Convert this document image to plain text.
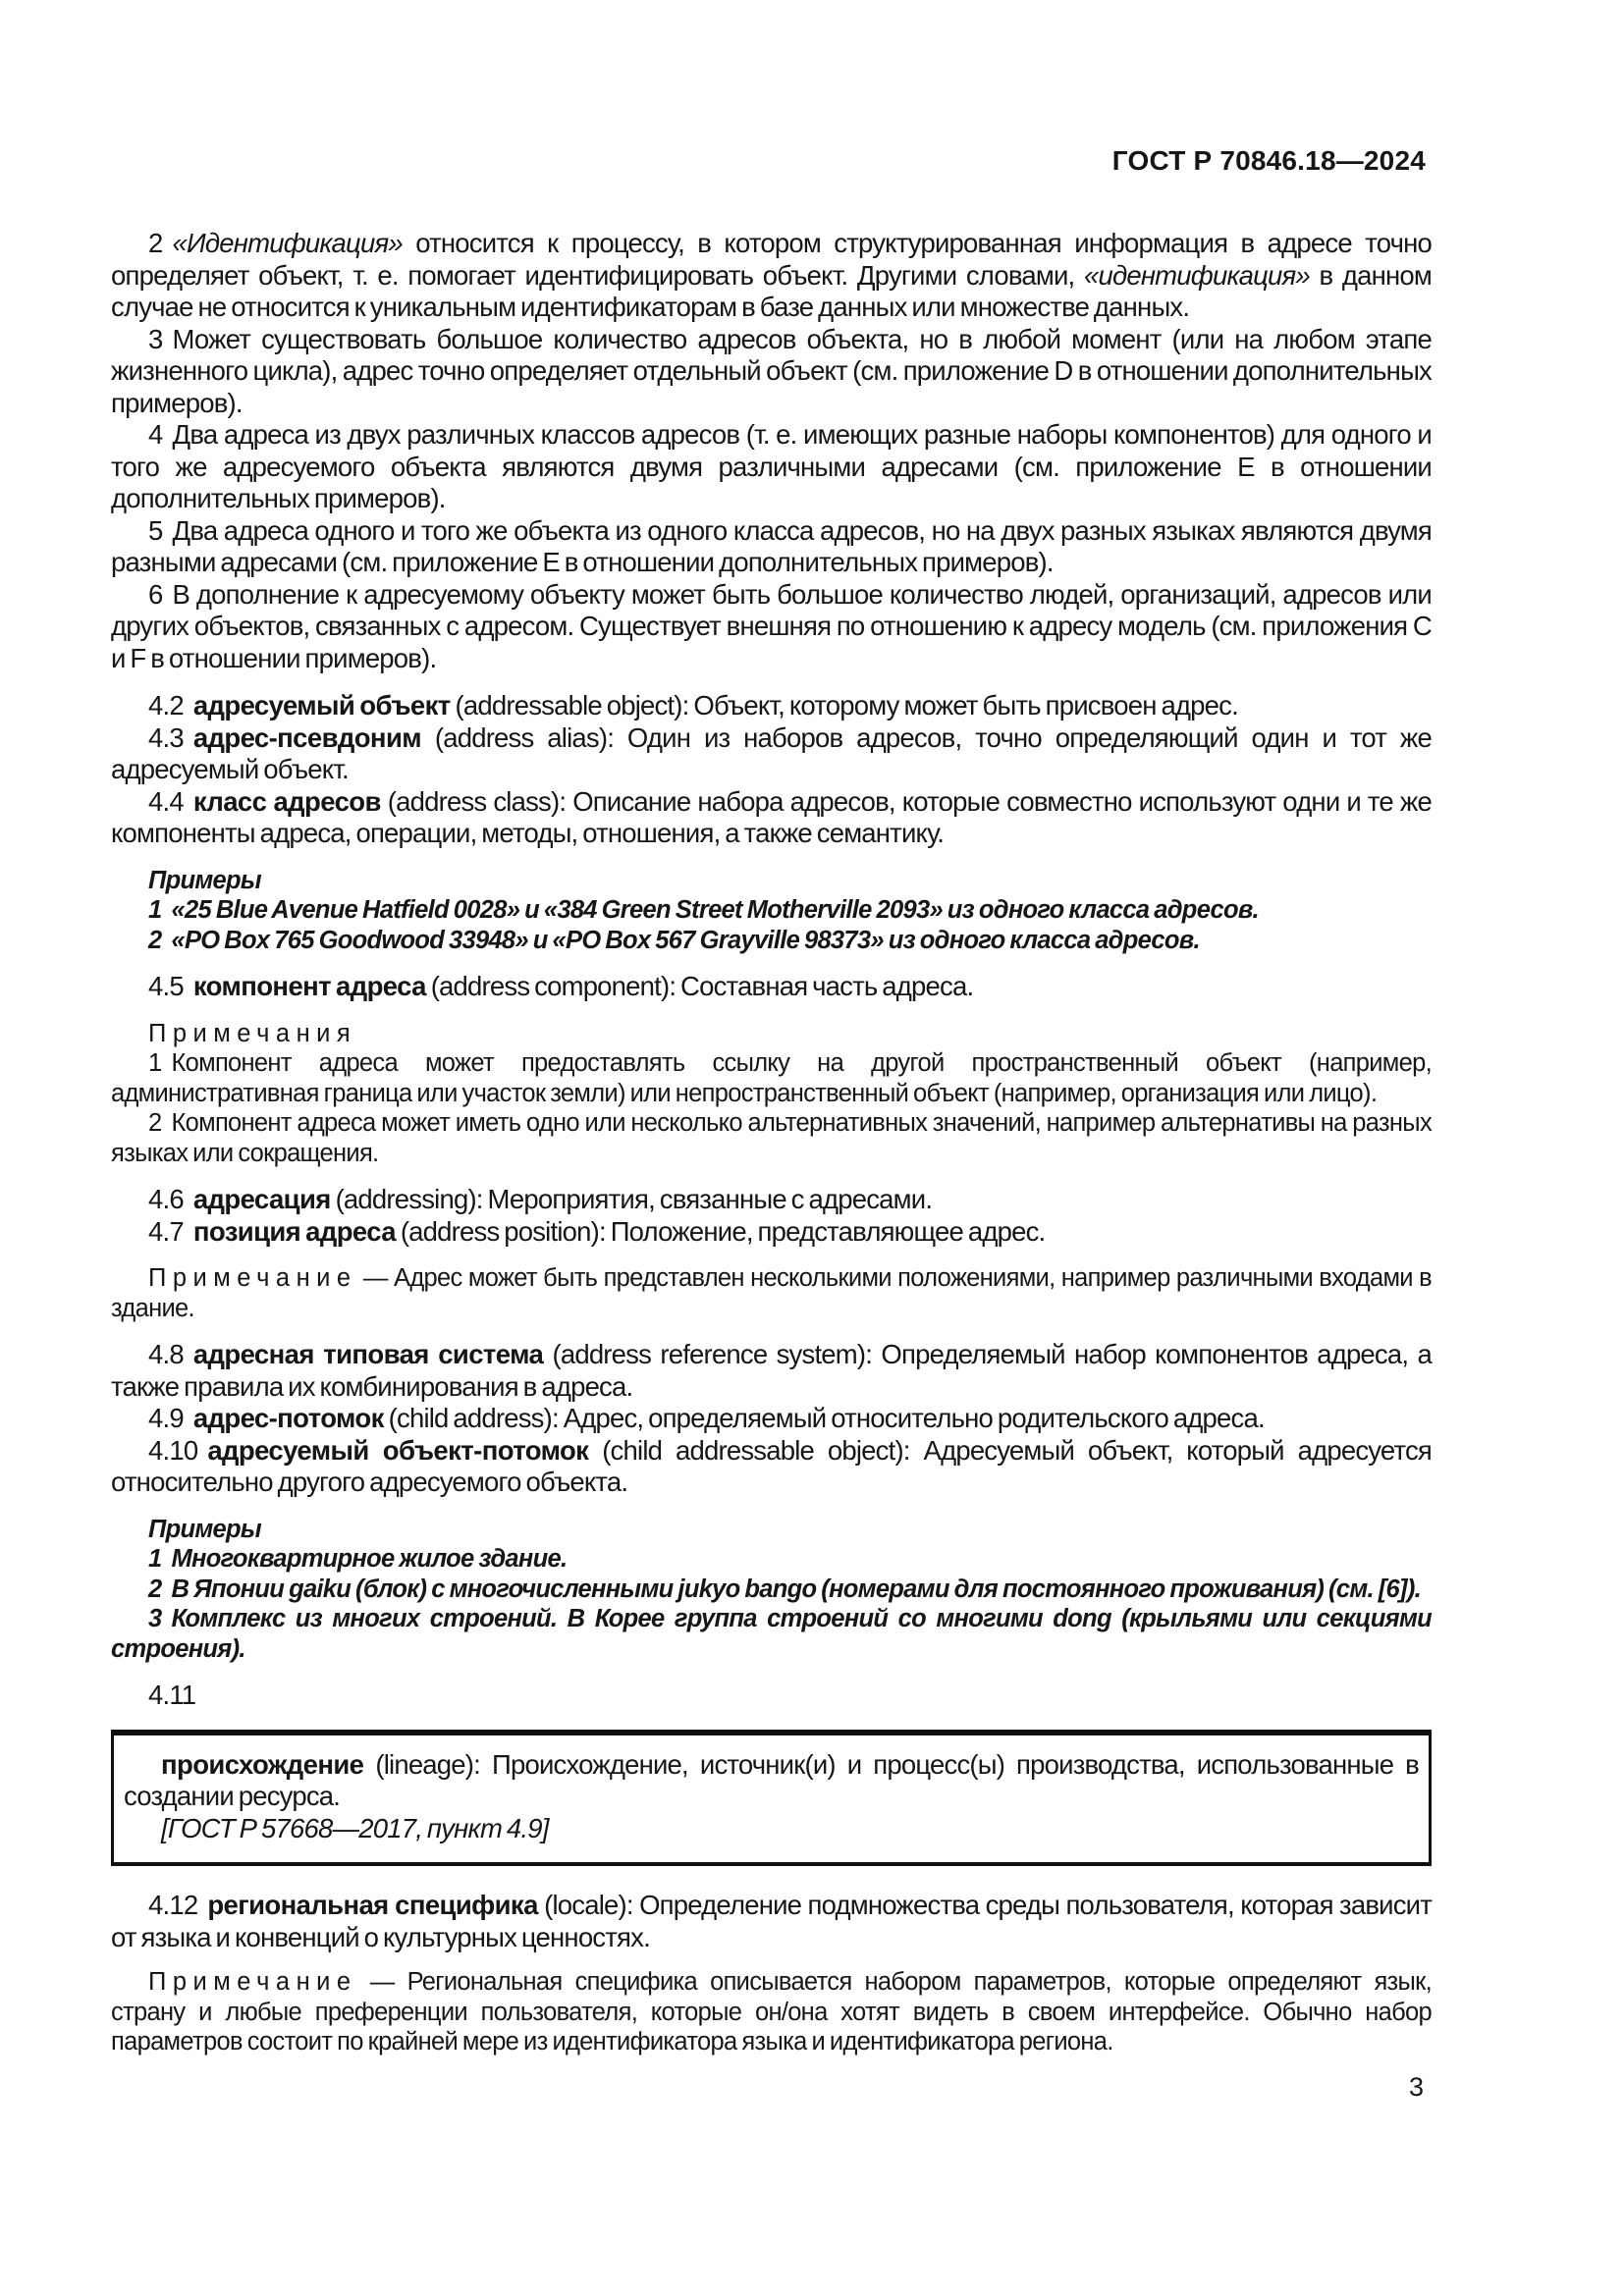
ГОСТ Р 70846.18—2024

2 «Идентификация» относится к процессу, в котором структурированная информация в адресе точно определяет объект, т. е. помогает идентифицировать объект. Другими словами, «идентификация» в данном случае не относится к уникальным идентификаторам в базе данных или множестве данных.

3 Может существовать большое количество адресов объекта, но в любой момент (или на любом этапе жизненного цикла), адрес точно определяет отдельный объект (см. приложение D в отношении дополнительных примеров).

4 Два адреса из двух различных классов адресов (т. е. имеющих разные наборы компонентов) для одного и того же адресуемого объекта являются двумя различными адресами (см. приложение E в отношении дополнительных примеров).

5 Два адреса одного и того же объекта из одного класса адресов, но на двух разных языках являются двумя разными адресами (см. приложение E в отношении дополнительных примеров).

6 В дополнение к адресуемому объекту может быть большое количество людей, организаций, адресов или других объектов, связанных с адресом. Существует внешняя по отношению к адресу модель (см. приложения C и F в отношении примеров).

4.2 адресуемый объект (addressable object): Объект, которому может быть присвоен адрес.

4.3 адрес-псевдоним (address alias): Один из наборов адресов, точно определяющий один и тот же адресуемый объект.

4.4 класс адресов (address class): Описание набора адресов, которые совместно используют одни и те же компоненты адреса, операции, методы, отношения, а также семантику.

Примеры

1 «25 Blue Avenue Hatfield 0028» и «384 Green Street Motherville 2093» из одного класса адресов.

2 «PO Box 765 Goodwood 33948» и «PO Box 567 Grayville 98373» из одного класса адресов.

4.5 компонент адреса (address component): Составная часть адреса.

Примечания

1 Компонент адреса может предоставлять ссылку на другой пространственный объект (например, административная граница или участок земли) или непространственный объект (например, организация или лицо).

2 Компонент адреса может иметь одно или несколько альтернативных значений, например альтернативы на разных языках или сокращения.

4.6 адресация (addressing): Мероприятия, связанные с адресами.

4.7 позиция адреса (address position): Положение, представляющее адрес.

Примечание — Адрес может быть представлен несколькими положениями, например различными входами в здание.

4.8 адресная типовая система (address reference system): Определяемый набор компонентов адреса, а также правила их комбинирования в адреса.

4.9 адрес-потомок (child address): Адрес, определяемый относительно родительского адреса.

4.10 адресуемый объект-потомок (child addressable object): Адресуемый объект, который адресуется относительно другого адресуемого объекта.

Примеры

1 Многоквартирное жилое здание.

2 В Японии gaiku (блок) с многочисленными jukyo bango (номерами для постоянного проживания) (см. [6]).

3 Комплекс из многих строений. В Корее группа строений со многими dong (крыльями или секциями строения).

4.11

происхождение (lineage): Происхождение, источник(и) и процесс(ы) производства, использованные в создании ресурса.

[ГОСТ Р 57668—2017, пункт 4.9]

4.12 региональная специфика (locale): Определение подмножества среды пользователя, которая зависит от языка и конвенций о культурных ценностях.

Примечание — Региональная специфика описывается набором параметров, которые определяют язык, страну и любые преференции пользователя, которые он/она хотят видеть в своем интерфейсе. Обычно набор параметров состоит по крайней мере из идентификатора языка и идентификатора региона.

3
